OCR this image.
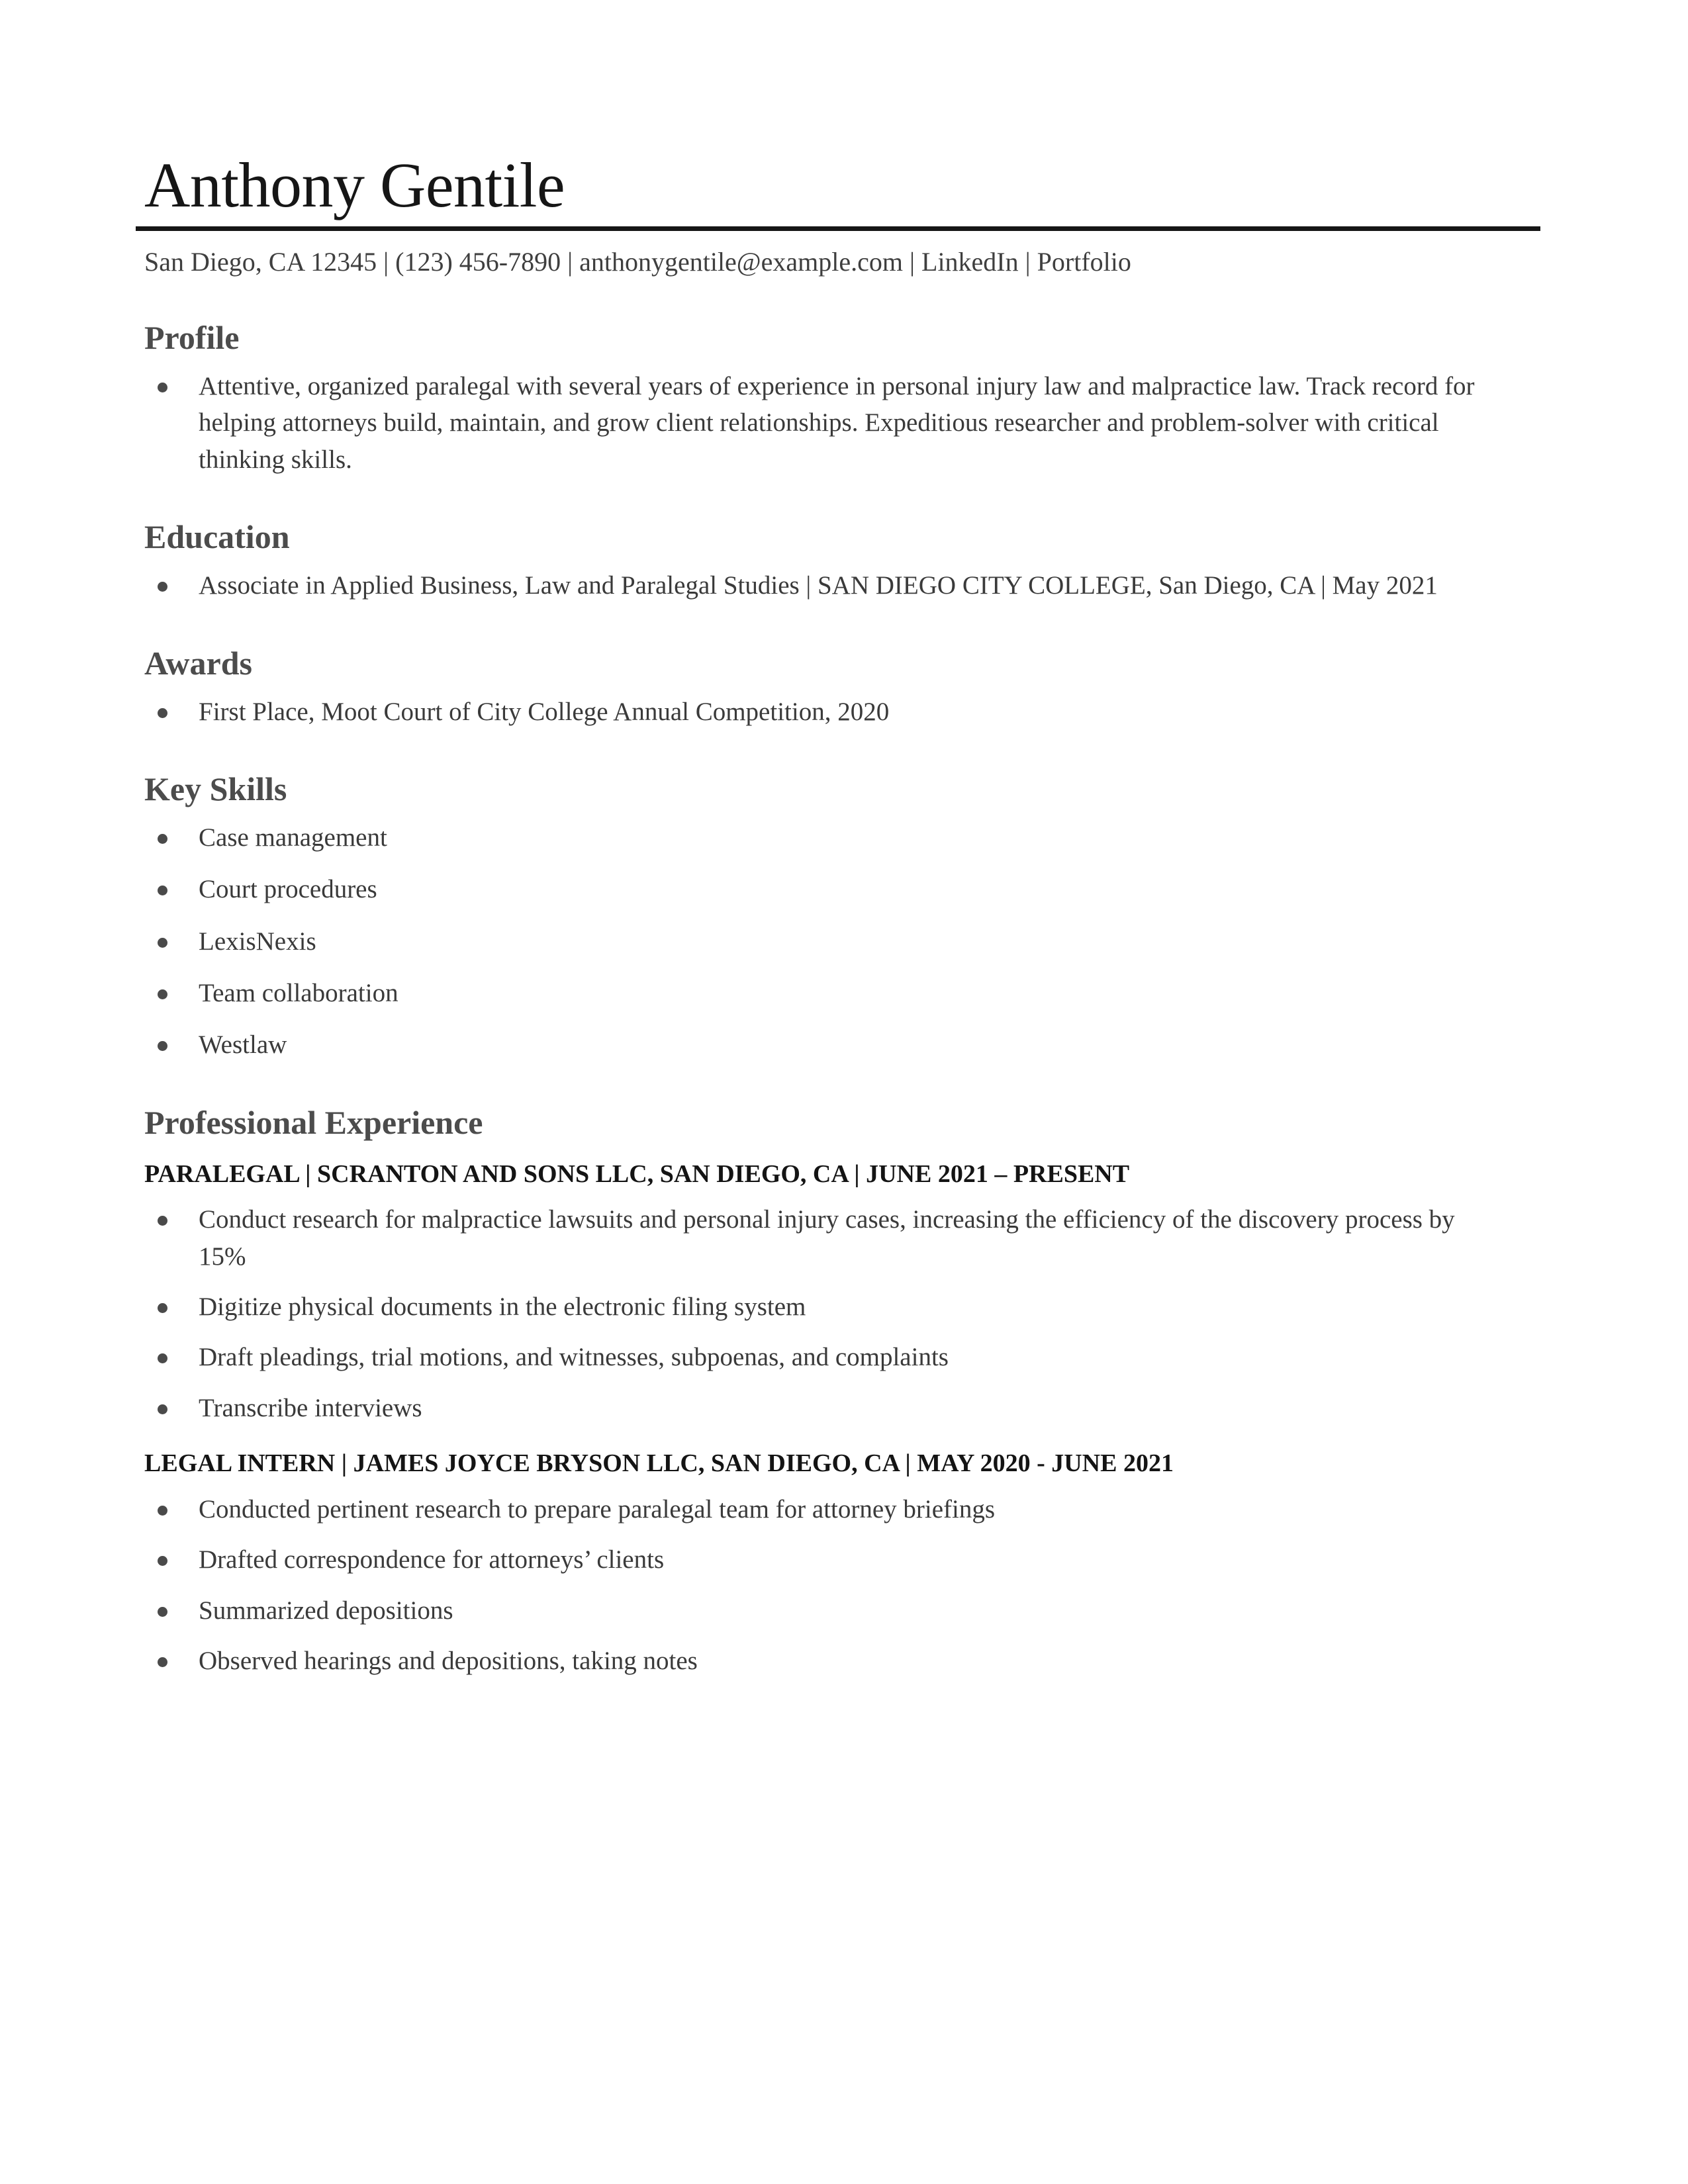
Anthony Gentile
San Diego, CA 12345 | (123) 456-7890 | anthonygentile@example.com | LinkedIn | Portfolio
Profile
Attentive, organized paralegal with several years of experience in personal injury law and malpractice law. Track record for helping attorneys build, maintain, and grow client relationships. Expeditious researcher and problem-solver with critical thinking skills.
Education
Associate in Applied Business, Law and Paralegal Studies | SAN DIEGO CITY COLLEGE, San Diego, CA | May 2021
Awards
First Place, Moot Court of City College Annual Competition, 2020
Key Skills
Case management
Court procedures
LexisNexis
Team collaboration
Westlaw
Professional Experience
PARALEGAL | SCRANTON AND SONS LLC, SAN DIEGO, CA | JUNE 2021 – PRESENT
Conduct research for malpractice lawsuits and personal injury cases, increasing the efficiency of the discovery process by 15%
Digitize physical documents in the electronic filing system
Draft pleadings, trial motions, and witnesses, subpoenas, and complaints
Transcribe interviews
LEGAL INTERN | JAMES JOYCE BRYSON LLC, SAN DIEGO, CA | MAY 2020 - JUNE 2021
Conducted pertinent research to prepare paralegal team for attorney briefings
Drafted correspondence for attorneys’ clients
Summarized depositions
Observed hearings and depositions, taking notes
